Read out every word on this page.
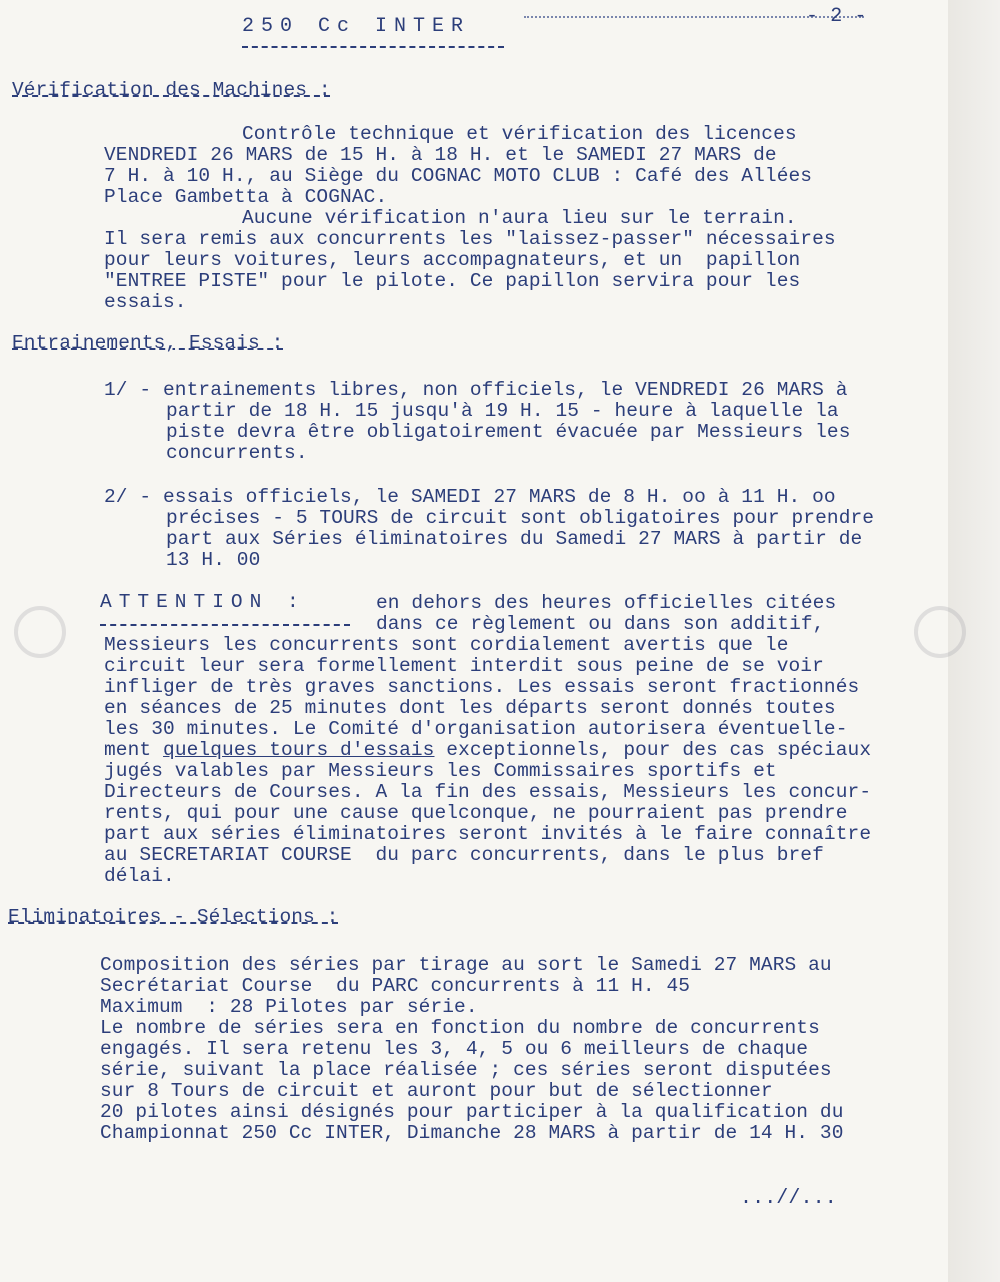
250 Cc INTER	- 2 -
Vérification des Machines :
Contrôle technique et vérification des licences
VENDREDI 26 MARS de 15 H. à 18 H. et le SAMEDI 27 MARS de
7 H. à 10 H., au Siège du COGNAC MOTO CLUB : Café des Allées
Place Gambetta à COGNAC.
Aucune vérification n'aura lieu sur le terrain.
Il sera remis aux concurrents les "laissez-passer" nécessaires
pour leurs voitures, leurs accompagnateurs, et un  papillon
"ENTREE PISTE" pour le pilote. Ce papillon servira pour les
essais.
Entrainements, Essais :
1/ - entrainements libres, non officiels, le VENDREDI 26 MARS à
partir de 18 H. 15 jusqu'à 19 H. 15 - heure à laquelle la
piste devra être obligatoirement évacuée par Messieurs les
concurrents.
2/ - essais officiels, le SAMEDI 27 MARS de 8 H. oo à 11 H. oo
précises - 5 TOURS de circuit sont obligatoires pour prendre
part aux Séries éliminatoires du Samedi 27 MARS à partir de
13 H. 00
ATTENTION :	en dehors des heures officielles citées
dans ce règlement ou dans son additif,
Messieurs les concurrents sont cordialement avertis que le
circuit leur sera formellement interdit sous peine de se voir
infliger de très graves sanctions. Les essais seront fractionnés
en séances de 25 minutes dont les départs seront donnés toutes
les 30 minutes. Le Comité d'organisation autorisera éventuelle-
ment quelques tours d'essais exceptionnels, pour des cas spéciaux
jugés valables par Messieurs les Commissaires sportifs et
Directeurs de Courses. A la fin des essais, Messieurs les concur-
rents, qui pour une cause quelconque, ne pourraient pas prendre
part aux séries éliminatoires seront invités à le faire connaître
au SECRETARIAT COURSE  du parc concurrents, dans le plus bref
délai.
Eliminatoires - Sélections :
Composition des séries par tirage au sort le Samedi 27 MARS au
Secrétariat Course  du PARC concurrents à 11 H. 45
Maximum  : 28 Pilotes par série.
Le nombre de séries sera en fonction du nombre de concurrents
engagés. Il sera retenu les 3, 4, 5 ou 6 meilleurs de chaque
série, suivant la place réalisée ; ces séries seront disputées
sur 8 Tours de circuit et auront pour but de sélectionner
20 pilotes ainsi désignés pour participer à la qualification du
Championnat 250 Cc INTER, Dimanche 28 MARS à partir de 14 H. 30
...//...
